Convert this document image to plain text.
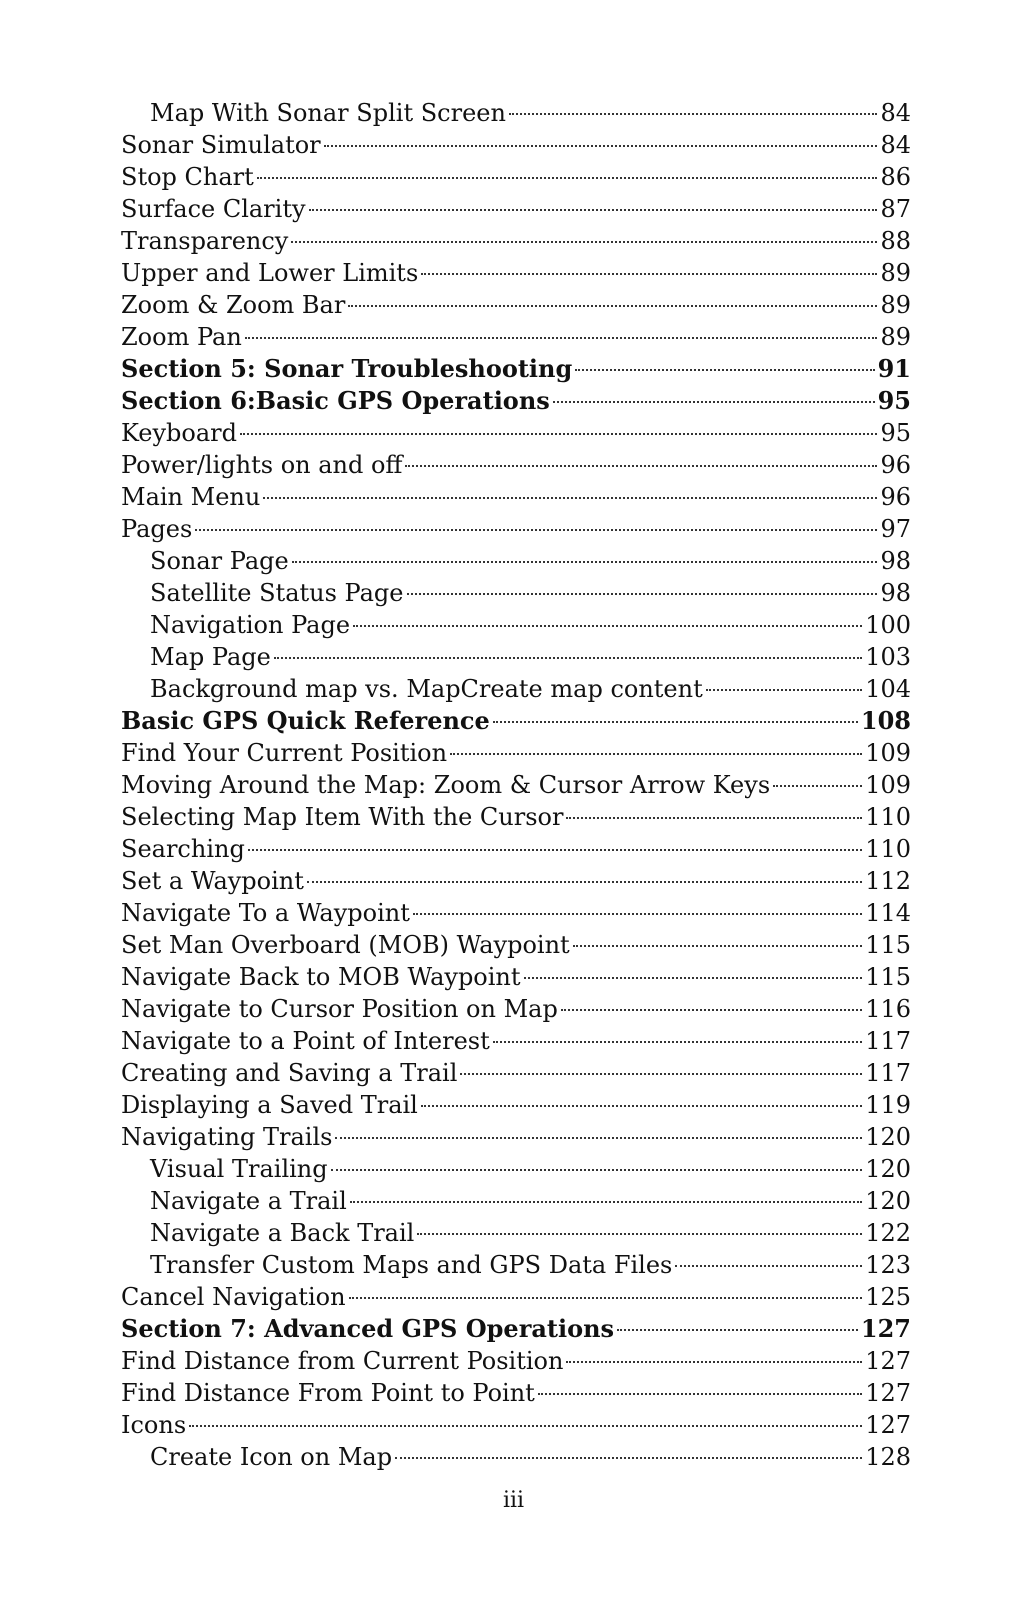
Map With Sonar Split Screen	84
Sonar Simulator	84
Stop Chart	86
Surface Clarity	87
Transparency	88
Upper and Lower Limits	89
Zoom & Zoom Bar	89
Zoom Pan	89
Section 5: Sonar Troubleshooting	91
Section 6:Basic GPS Operations	95
Keyboard	95
Power/lights on and off	96
Main Menu	96
Pages	97
Sonar Page	98
Satellite Status Page	98
Navigation Page	100
Map Page	103
Background map vs. MapCreate map content	104
Basic GPS Quick Reference	108
Find Your Current Position	109
Moving Around the Map: Zoom & Cursor Arrow Keys	109
Selecting Map Item With the Cursor	110
Searching	110
Set a Waypoint	112
Navigate To a Waypoint	114
Set Man Overboard (MOB) Waypoint	115
Navigate Back to MOB Waypoint	115
Navigate to Cursor Position on Map	116
Navigate to a Point of Interest	117
Creating and Saving a Trail	117
Displaying a Saved Trail	119
Navigating Trails	120
Visual Trailing	120
Navigate a Trail	120
Navigate a Back Trail	122
Transfer Custom Maps and GPS Data Files	123
Cancel Navigation	125
Section 7: Advanced GPS Operations	127
Find Distance from Current Position	127
Find Distance From Point to Point	127
Icons	127
Create Icon on Map	128
iii
